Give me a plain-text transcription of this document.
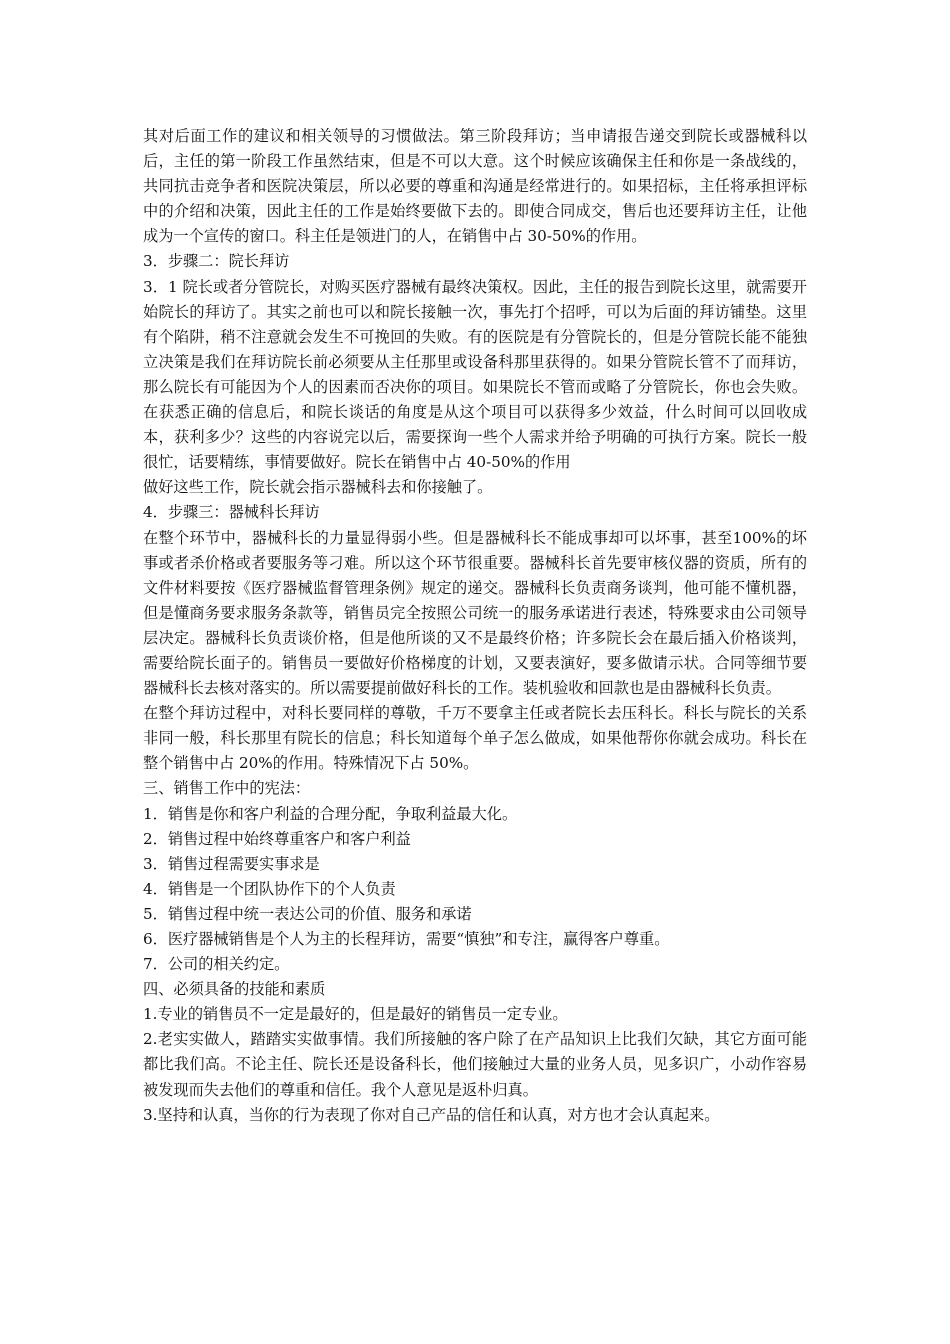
其对后面工作的建议和相关领导的习惯做法。第三阶段拜访；当申请报告递交到院长或器械科以后，主任的第一阶段工作虽然结束，但是不可以大意。这个时候应该确保主任和你是一条战线的，共同抗击竞争者和医院决策层，所以必要的尊重和沟通是经常进行的。如果招标，主任将承担评标中的介绍和决策，因此主任的工作是始终要做下去的。即使合同成交，售后也还要拜访主任，让他成为一个宣传的窗口。科主任是领进门的人，在销售中占 30-50%的作用。

3．步骤二：院长拜访

3．1 院长或者分管院长，对购买医疗器械有最终决策权。因此，主任的报告到院长这里，就需要开始院长的拜访了。其实之前也可以和院长接触一次，事先打个招呼，可以为后面的拜访铺垫。这里有个陷阱，稍不注意就会发生不可挽回的失败。有的医院是有分管院长的，但是分管院长能不能独立决策是我们在拜访院长前必须要从主任那里或设备科那里获得的。如果分管院长管不了而拜访，那么院长有可能因为个人的因素而否决你的项目。如果院长不管而或略了分管院长，你也会失败。在获悉正确的信息后，和院长谈话的角度是从这个项目可以获得多少效益，什么时间可以回收成本，获利多少？这些的内容说完以后，需要探询一些个人需求并给予明确的可执行方案。院长一般很忙，话要精练，事情要做好。院长在销售中占 40-50%的作用

做好这些工作，院长就会指示器械科去和你接触了。

4．步骤三：器械科长拜访

在整个环节中，器械科长的力量显得弱小些。但是器械科长不能成事却可以坏事，甚至100%的坏事或者杀价格或者要服务等刁难。所以这个环节很重要。器械科长首先要审核仪器的资质，所有的文件材料要按《医疗器械监督管理条例》规定的递交。器械科长负责商务谈判，他可能不懂机器，但是懂商务要求服务条款等，销售员完全按照公司统一的服务承诺进行表述，特殊要求由公司领导层决定。器械科长负责谈价格，但是他所谈的又不是最终价格；许多院长会在最后插入价格谈判，需要给院长面子的。销售员一要做好价格梯度的计划，又要表演好，要多做请示状。合同等细节要器械科长去核对落实的。所以需要提前做好科长的工作。装机验收和回款也是由器械科长负责。

在整个拜访过程中，对科长要同样的尊敬，千万不要拿主任或者院长去压科长。科长与院长的关系非同一般，科长那里有院长的信息；科长知道每个单子怎么做成，如果他帮你你就会成功。科长在整个销售中占 20%的作用。特殊情况下占 50%。

三、销售工作中的宪法：

1．销售是你和客户利益的合理分配，争取利益最大化。

2．销售过程中始终尊重客户和客户利益

3．销售过程需要实事求是

4．销售是一个团队协作下的个人负责

5．销售过程中统一表达公司的价值、服务和承诺

6．医疗器械销售是个人为主的长程拜访，需要“慎独”和专注，赢得客户尊重。

7．公司的相关约定。

四、必须具备的技能和素质

1.专业的销售员不一定是最好的，但是最好的销售员一定专业。

2.老实实做人，踏踏实实做事情。我们所接触的客户除了在产品知识上比我们欠缺，其它方面可能都比我们高。不论主任、院长还是设备科长，他们接触过大量的业务人员，见多识广，小动作容易被发现而失去他们的尊重和信任。我个人意见是返朴归真。

3.坚持和认真，当你的行为表现了你对自己产品的信任和认真，对方也才会认真起来。
